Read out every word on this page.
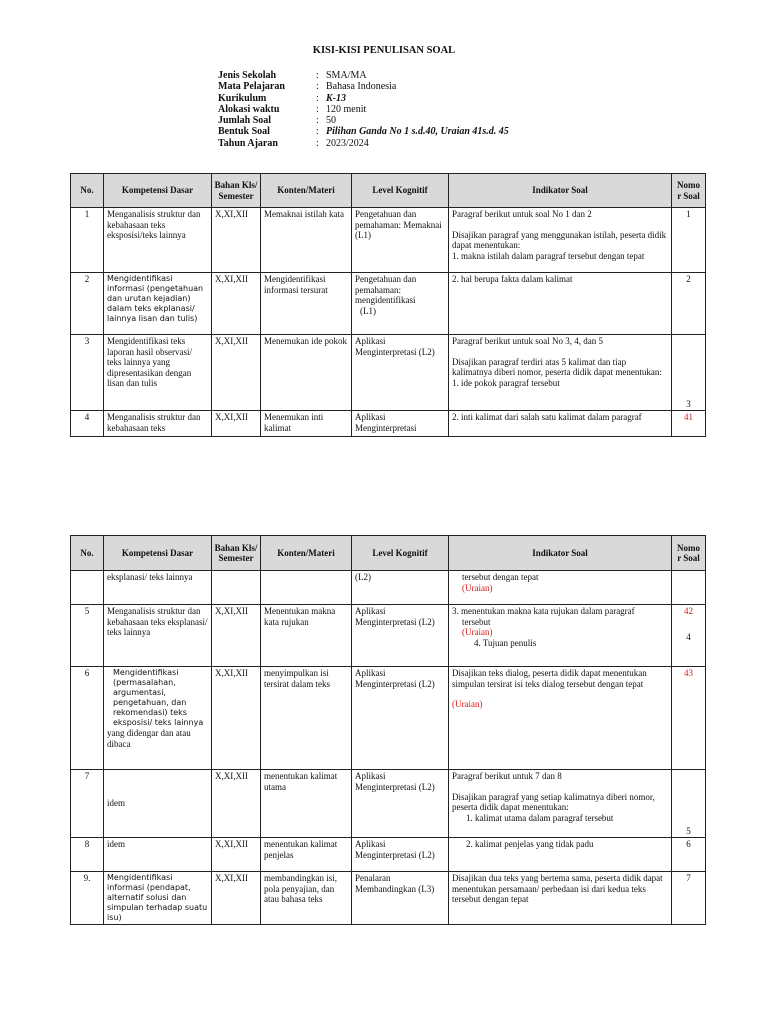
KISI-KISI PENULISAN SOAL
Jenis Sekolah	:	SMA/MA
Mata Pelajaran	:	Bahasa Indonesia
Kurikulum	:	K-13
Alokasi waktu	:	120 menit
Jumlah Soal	:	50
Bentuk Soal	:	Pilihan Ganda No 1 s.d.40, Uraian 41s.d. 45
Tahun Ajaran	:	2023/2024
No.	Kompetensi Dasar	Bahan Kls/ Semester	Konten/Materi	Level Kognitif	Indikator Soal	Nomo r Soal
1	Menganalisis struktur dan kebahasaan teks eksposisi/teks lainnya	X,XI,XII	Memaknai istilah kata	Pengetahuan dan pemahaman: Memaknai (L1)	Paragraf berikut untuk soal No 1 dan 2
Disajikan paragraf yang menggunakan istilah, peserta didik dapat menentukan:
1. makna istilah dalam paragraf tersebut dengan tepat	1
2	Mengidentifikasi informasi (pengetahuan dan urutan kejadian) dalam teks ekplanasi/ lainnya lisan dan tulis)	X,XI,XII	Mengidentifikasi informasi tersurat	Pengetahuan dan pemahaman: mengidentifikasi
(L1)	2. hal berupa fakta dalam kalimat	2
3	Mengidentifikasi teks laporan hasil observasi/ teks lainnya yang dipresentasikan dengan lisan dan tulis	X,XI,XII	Menemukan ide pokok	Aplikasi Menginterpretasi (L2)	Paragraf berikut untuk soal No 3, 4, dan 5
Disajikan paragraf terdiri atas 5 kalimat dan tiap kalimatnya diberi nomor, peserta didik dapat menentukan:
1. ide pokok paragraf tersebut	3
4	Menganalisis struktur dan kebahasaan teks	X,XI,XII	Menemukan inti kalimat	Aplikasi Menginterpretasi	2. inti kalimat dari salah satu kalimat dalam paragraf	41
No.	Kompetensi Dasar	Bahan Kls/ Semester	Konten/Materi	Level Kognitif	Indikator Soal	Nomo r Soal
	eksplanasi/ teks lainnya			(L2)	tersebut dengan tepat
(Uraian)	

5	Menganalisis struktur dan kebahasaan teks eksplanasi/ teks lainnya	X,XI,XII	Menentukan makna kata rujukan	Aplikasi Menginterpretasi (L2)	3. menentukan makna kata rujukan dalam paragraf
tersebut
(Uraian)
4. Tujuan penulis	42
4

6	Mengidentifikasi (permasalahan, argumentasi, pengetahuan, dan rekomendasi) teks eksposisi/ teks lainnya
yang didengar dan atau dibaca	X,XI,XII	menyimpulkan isi tersirat dalam teks	Aplikasi Menginterpretasi (L2)	Disajikan teks dialog, peserta didik dapat menentukan simpulan tersirat isi teks dialog tersebut dengan tepat
(Uraian)	43
7	idem	X,XI,XII	menentukan kalimat utama	Aplikasi Menginterpretasi (L2)	Paragraf berikut untuk 7 dan 8
Disajikan paragraf yang setiap kalimatnya diberi nomor, peserta didik dapat menentukan:
1. kalimat utama dalam paragraf tersebut	5
8	idem	X,XI,XII	menentukan kalimat penjelas	Aplikasi Menginterpretasi (L2)	2. kalimat penjelas yang tidak padu	6
9.	Mengidentifikasi informasi (pendapat, alternatif solusi dan simpulan terhadap suatu isu)	X,XI,XII	membandingkan isi, pola penyajian, dan atau bahasa teks	Penalaran Membandingkan (L3)	Disajikan dua teks yang bertema sama, peserta didik dapat menentukan persamaan/ perbedaan isi dari kedua teks tersebut dengan tepat	7
